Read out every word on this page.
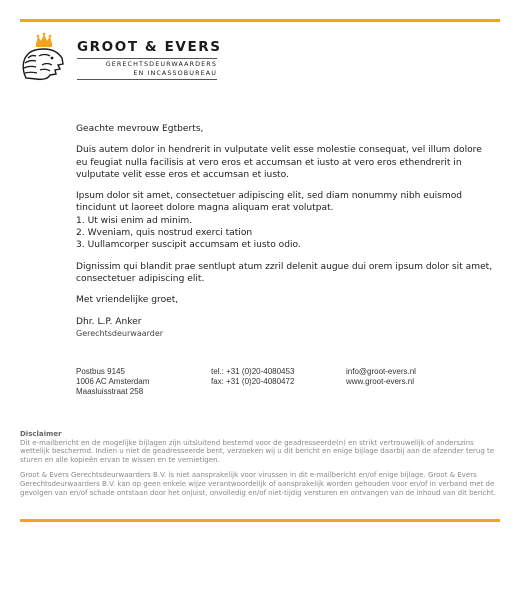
GROOT & EVERS
GERECHTSDEURWAARDERS
EN INCASSOBUREAU

Geachte mevrouw Egtberts,

Duis autem dolor in hendrerit in vulputate velit esse molestie consequat, vel illum dolore eu feugiat nulla facilisis at vero eros et accumsan et iusto at vero eros ethendrerit in vulputate velit esse eros et accumsan et iusto.

Ipsum dolor sit amet, consectetuer adipiscing elit, sed diam nonummy nibh euismod tincidunt ut laoreet dolore magna aliquam erat volutpat.
1. Ut wisi enim ad minim.
2. Wveniam, quis nostrud exerci tation
3. Uullamcorper suscipit accumsam et iusto odio.

Dignissim qui blandit prae sentlupt atum zzril delenit augue dui orem ipsum dolor sit amet, consectetuer adipiscing elit.

Met vriendelijke groet,

Dhr. L.P. Anker

Gerechtsdeurwaarder

Postbus 9145
1006 AC Amsterdam
Maasluisstraat 258
tel.: +31 (0)20-4080453
fax: +31 (0)20-4080472
info@groot-evers.nl
www.groot-evers.nl
Disclaimer

Dit e-mailbericht en de mogelijke bijlagen zijn uitsluitend bestemd voor de geadresseerde(n) en strikt vertrouwelijk of anderszins wettelijk beschermd. Indien u niet de geadresseerde bent, verzoeken wij u dit bericht en enige bijlage daarbij aan de afzender terug te sturen en alle kopieën ervan te wissen en te vernietigen.

Groot & Evers Gerechtsdeurwaarders B.V. is niet aansprakelijk voor virussen in dit e-mailbericht en/of enige bijlage. Groot & Evers Gerechtsdeurwaarders B.V. kan op geen enkele wijze verantwoordelijk of aansprakelijk worden gehouden voor en/of in verband met de gevolgen van en/of schade ontstaan door het onjuist, onvolledig en/of niet-tijdig versturen en ontvangen van de inhoud van dit bericht.
